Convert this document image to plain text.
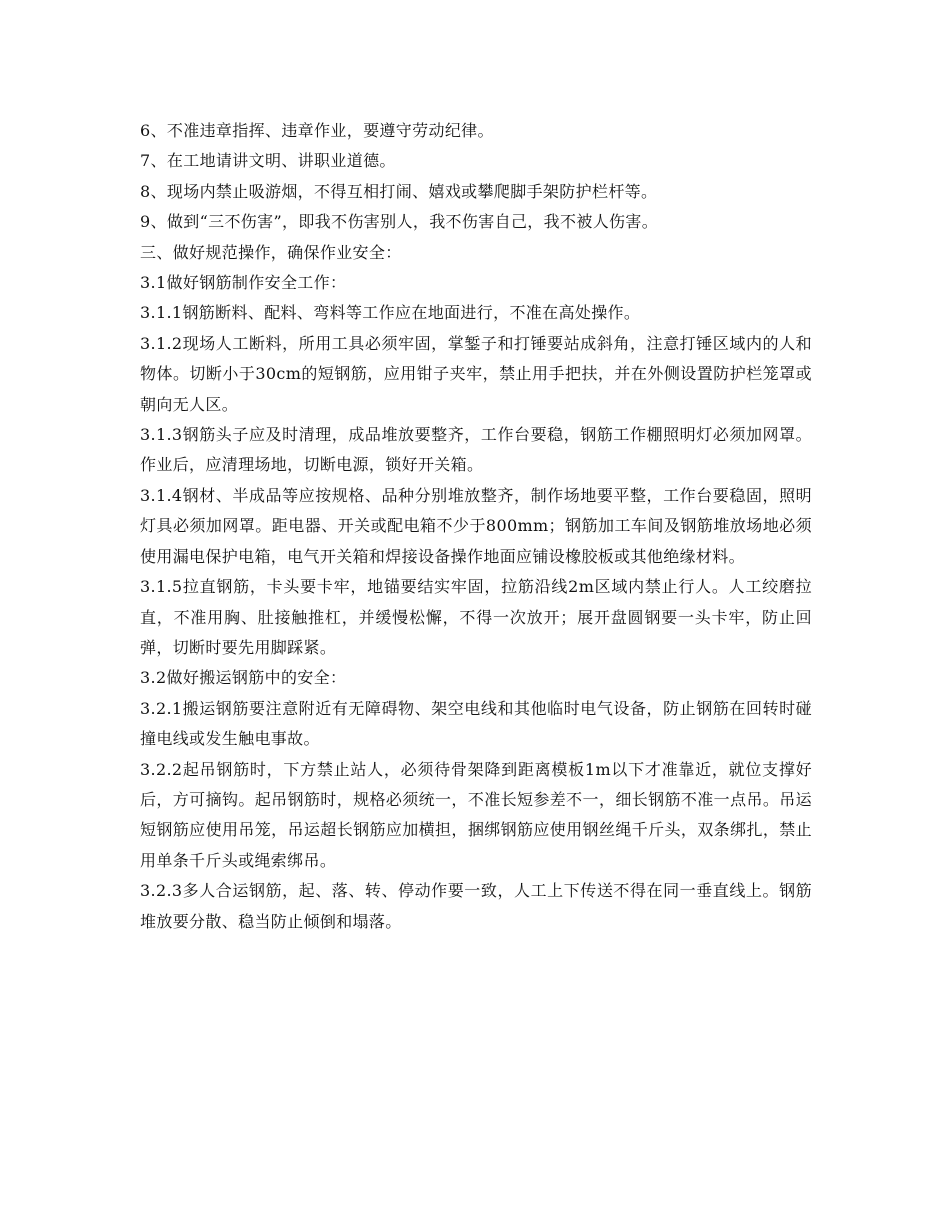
6、不准违章指挥、违章作业，要遵守劳动纪律。

7、在工地请讲文明、讲职业道德。

8、现场内禁止吸游烟，不得互相打闹、嬉戏或攀爬脚手架防护栏杆等。

9、做到“三不伤害”，即我不伤害别人，我不伤害自己，我不被人伤害。

三、做好规范操作，确保作业安全：

3.1做好钢筋制作安全工作：

3.1.1钢筋断料、配料、弯料等工作应在地面进行，不准在高处操作。

3.1.2现场人工断料，所用工具必须牢固，掌錾子和打锤要站成斜角，注意打锤区域内的人和物体。切断小于30cm的短钢筋，应用钳子夹牢，禁止用手把扶，并在外侧设置防护栏笼罩或朝向无人区。

3.1.3钢筋头子应及时清理，成品堆放要整齐，工作台要稳，钢筋工作棚照明灯必须加网罩。作业后，应清理场地，切断电源，锁好开关箱。

3.1.4钢材、半成品等应按规格、品种分别堆放整齐，制作场地要平整，工作台要稳固，照明灯具必须加网罩。距电器、开关或配电箱不少于800mm；钢筋加工车间及钢筋堆放场地必须使用漏电保护电箱，电气开关箱和焊接设备操作地面应铺设橡胶板或其他绝缘材料。

3.1.5拉直钢筋，卡头要卡牢，地锚要结实牢固，拉筋沿线2m区域内禁止行人。人工绞磨拉直，不准用胸、肚接触推杠，并缓慢松懈，不得一次放开；展开盘圆钢要一头卡牢，防止回弹，切断时要先用脚踩紧。

3.2做好搬运钢筋中的安全：

3.2.1搬运钢筋要注意附近有无障碍物、架空电线和其他临时电气设备，防止钢筋在回转时碰撞电线或发生触电事故。

3.2.2起吊钢筋时，下方禁止站人，必须待骨架降到距离模板1m以下才准靠近，就位支撑好后，方可摘钩。起吊钢筋时，规格必须统一，不准长短参差不一，细长钢筋不准一点吊。吊运短钢筋应使用吊笼，吊运超长钢筋应加横担，捆绑钢筋应使用钢丝绳千斤头，双条绑扎，禁止用单条千斤头或绳索绑吊。

3.2.3多人合运钢筋，起、落、转、停动作要一致，人工上下传送不得在同一垂直线上。钢筋堆放要分散、稳当防止倾倒和塌落。
